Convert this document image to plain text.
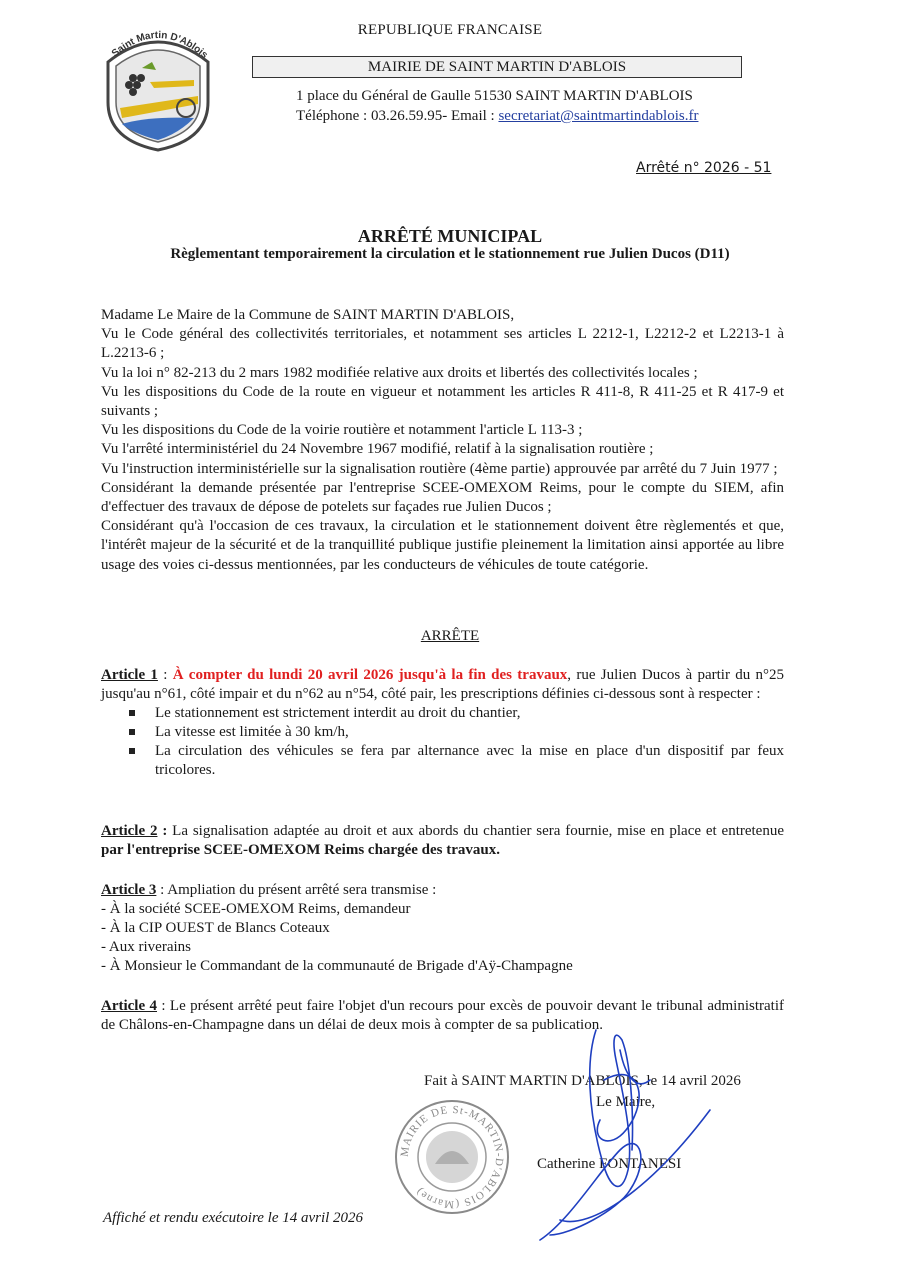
Saint Martin D'Ablois
REPUBLIQUE FRANCAISE
MAIRIE DE SAINT MARTIN D'ABLOIS
1 place du Général de Gaulle 51530 SAINT MARTIN D'ABLOIS
Téléphone : 03.26.59.95- Email : secretariat@saintmartindablois.fr
Arrêté n° 2026 - 51
ARRÊTÉ MUNICIPAL
Règlementant temporairement la circulation et le stationnement rue Julien Ducos (D11)

Madame Le Maire de la Commune de SAINT MARTIN D'ABLOIS,

Vu le Code général des collectivités territoriales, et notamment ses articles L 2212-1, L2212-2 et L2213-1 à L.2213-6 ;

Vu la loi n° 82-213 du 2 mars 1982 modifiée relative aux droits et libertés des collectivités locales ;

Vu les dispositions du Code de la route en vigueur et notamment les articles R 411-8, R 411-25 et R 417-9 et suivants ;

Vu les dispositions du Code de la voirie routière et notamment l'article L 113-3 ;

Vu l'arrêté interministériel du 24 Novembre 1967 modifié, relatif à la signalisation routière ;

Vu l'instruction interministérielle sur la signalisation routière (4ème partie) approuvée par arrêté du 7 Juin 1977 ;

Considérant la demande présentée par l'entreprise SCEE-OMEXOM Reims, pour le compte du SIEM, afin d'effectuer des travaux de dépose de potelets sur façades rue Julien Ducos ;

Considérant qu'à l'occasion de ces travaux, la circulation et le stationnement doivent être règlementés et que, l'intérêt majeur de la sécurité et de la tranquillité publique justifie pleinement la limitation ainsi apportée au libre usage des voies ci-dessus mentionnées, par les conducteurs de véhicules de toute catégorie.

ARRÊTE

Article 1 : À compter du lundi 20 avril 2026 jusqu'à la fin des travaux, rue Julien Ducos à partir du n°25 jusqu'au n°61, côté impair et du n°62 au n°54, côté pair, les prescriptions définies ci-dessous sont à respecter :

Le stationnement est strictement interdit au droit du chantier,
La vitesse est limitée à 30 km/h,
La circulation des véhicules se fera par alternance avec la mise en place d'un dispositif par feux tricolores.

Article 2 : La signalisation adaptée au droit et aux abords du chantier sera fournie, mise en place et entretenue par l'entreprise SCEE-OMEXOM Reims chargée des travaux.

Article 3 : Ampliation du présent arrêté sera transmise :

- À la société SCEE-OMEXOM Reims, demandeur

- À la CIP OUEST de Blancs Coteaux

- Aux riverains

- À Monsieur le Commandant de la communauté de Brigade d'Aÿ-Champagne

Article 4 : Le présent arrêté peut faire l'objet d'un recours pour excès de pouvoir devant le tribunal administratif de Châlons-en-Champagne dans un délai de deux mois à compter de sa publication.

Fait à SAINT MARTIN D'ABLOIS, le 14 avril 2026
Le Maire,
Catherine FONTANESI
MAIRIE DE St-MARTIN-D'ABLOIS (Marne)
Affiché et rendu exécutoire le 14 avril 2026
